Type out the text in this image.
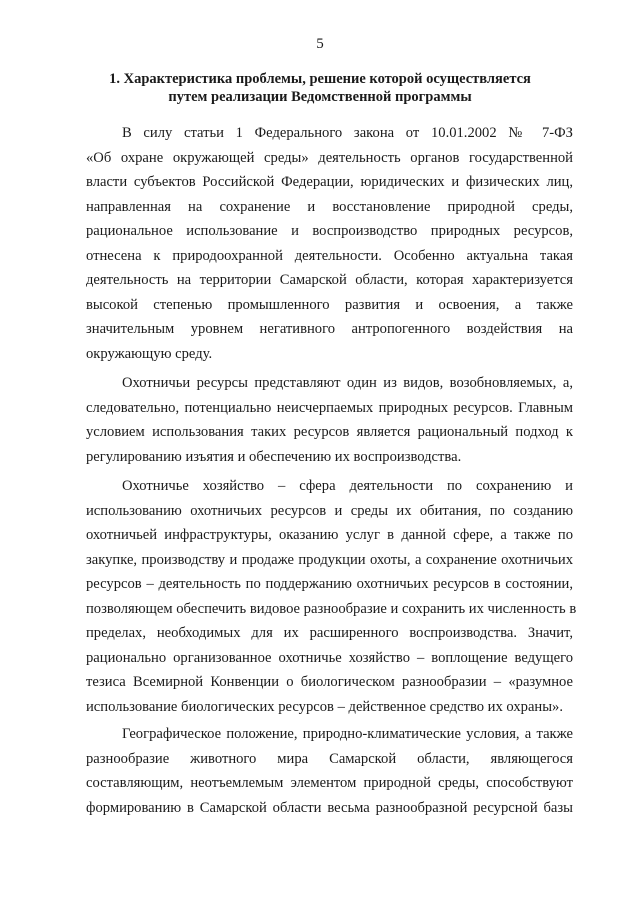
5
1. Характеристика проблемы, решение которой осуществляется
путем реализации Ведомственной программы
В силу статьи 1 Федерального закона от 10.01.2002 № 7-ФЗ
«Об охране окружающей среды» деятельность органов государственной
власти субъектов Российской Федерации, юридических и физических лиц,
направленная на сохранение и восстановление природной среды,
рациональное использование и воспроизводство природных ресурсов,
отнесена к природоохранной деятельности. Особенно актуальна такая
деятельность на территории Самарской области, которая характеризуется
высокой степенью промышленного развития и освоения, а также
значительным уровнем негативного антропогенного воздействия на
окружающую среду.
Охотничьи ресурсы представляют один из видов, возобновляемых, а,
следовательно, потенциально неисчерпаемых природных ресурсов. Главным
условием использования таких ресурсов является рациональный подход к
регулированию изъятия и обеспечению их воспроизводства.
Охотничье хозяйство – сфера деятельности по сохранению и
использованию охотничьих ресурсов и среды их обитания, по созданию
охотничьей инфраструктуры, оказанию услуг в данной сфере, а также по
закупке, производству и продаже продукции охоты, а сохранение охотничьих
ресурсов – деятельность по поддержанию охотничьих ресурсов в состоянии,
позволяющем обеспечить видовое разнообразие и сохранить их численность в
пределах, необходимых для их расширенного воспроизводства. Значит,
рационально организованное охотничье хозяйство – воплощение ведущего
тезиса Всемирной Конвенции о биологическом разнообразии – «разумное
использование биологических ресурсов – действенное средство их охраны».
Географическое положение, природно-климатические условия, а также
разнообразие животного мира Самарской области, являющегося
составляющим, неотъемлемым элементом природной среды, способствуют
формированию в Самарской области весьма разнообразной ресурсной базы
